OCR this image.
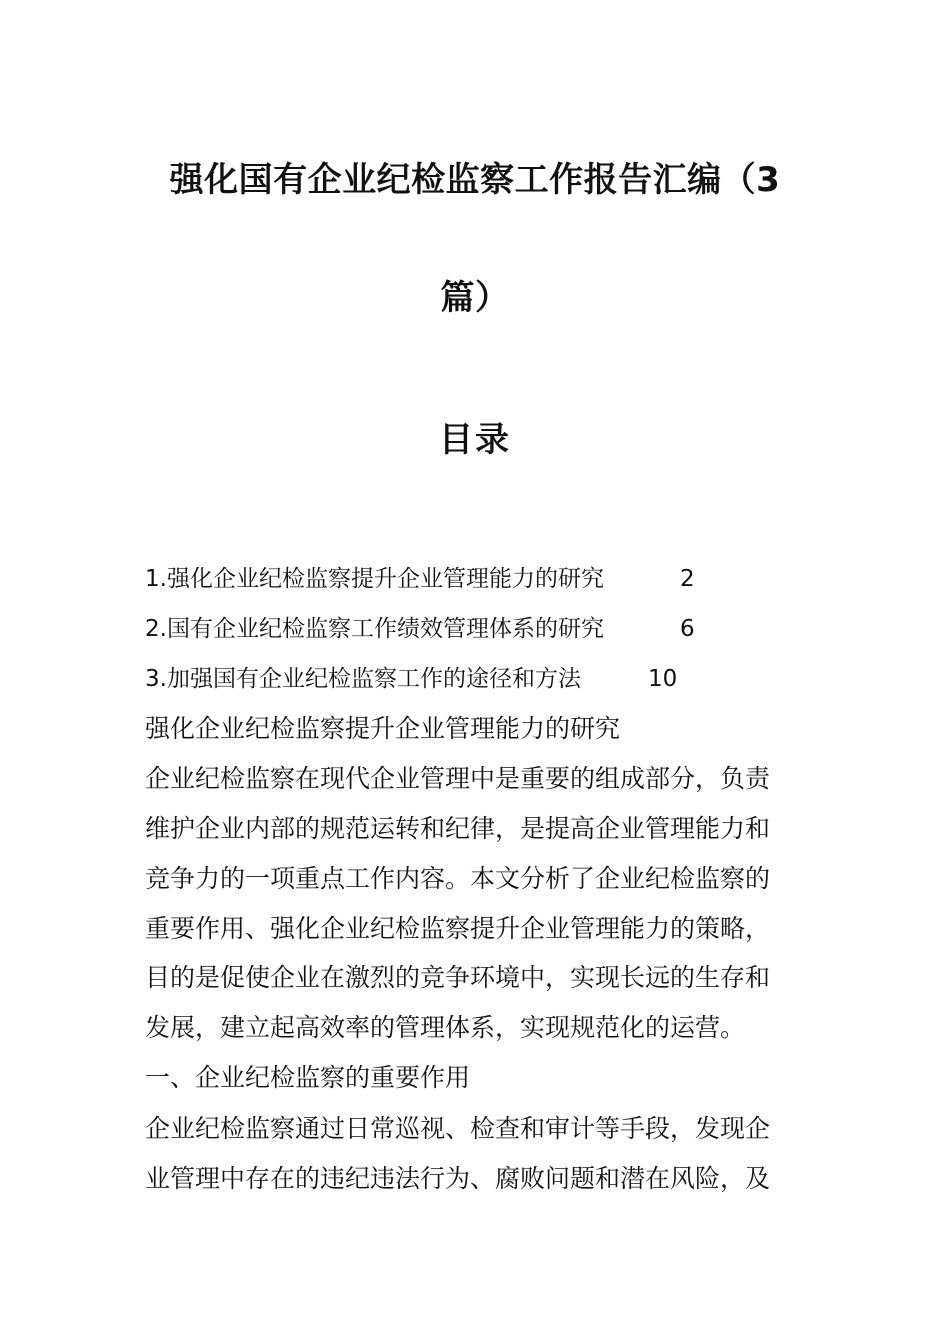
强化国有企业纪检监察工作报告汇编（3
篇）
目录
1.强化企业纪检监察提升企业管理能力的研究	2
2.国有企业纪检监察工作绩效管理体系的研究	6
3.加强国有企业纪检监察工作的途径和方法	10
强化企业纪检监察提升企业管理能力的研究
企业纪检监察在现代企业管理中是重要的组成部分，负责
维护企业内部的规范运转和纪律，是提高企业管理能力和
竞争力的一项重点工作内容。本文分析了企业纪检监察的
重要作用、强化企业纪检监察提升企业管理能力的策略，
目的是促使企业在激烈的竞争环境中，实现长远的生存和
发展，建立起高效率的管理体系，实现规范化的运营。
一、企业纪检监察的重要作用
企业纪检监察通过日常巡视、检查和审计等手段，发现企
业管理中存在的违纪违法行为、腐败问题和潜在风险，及
